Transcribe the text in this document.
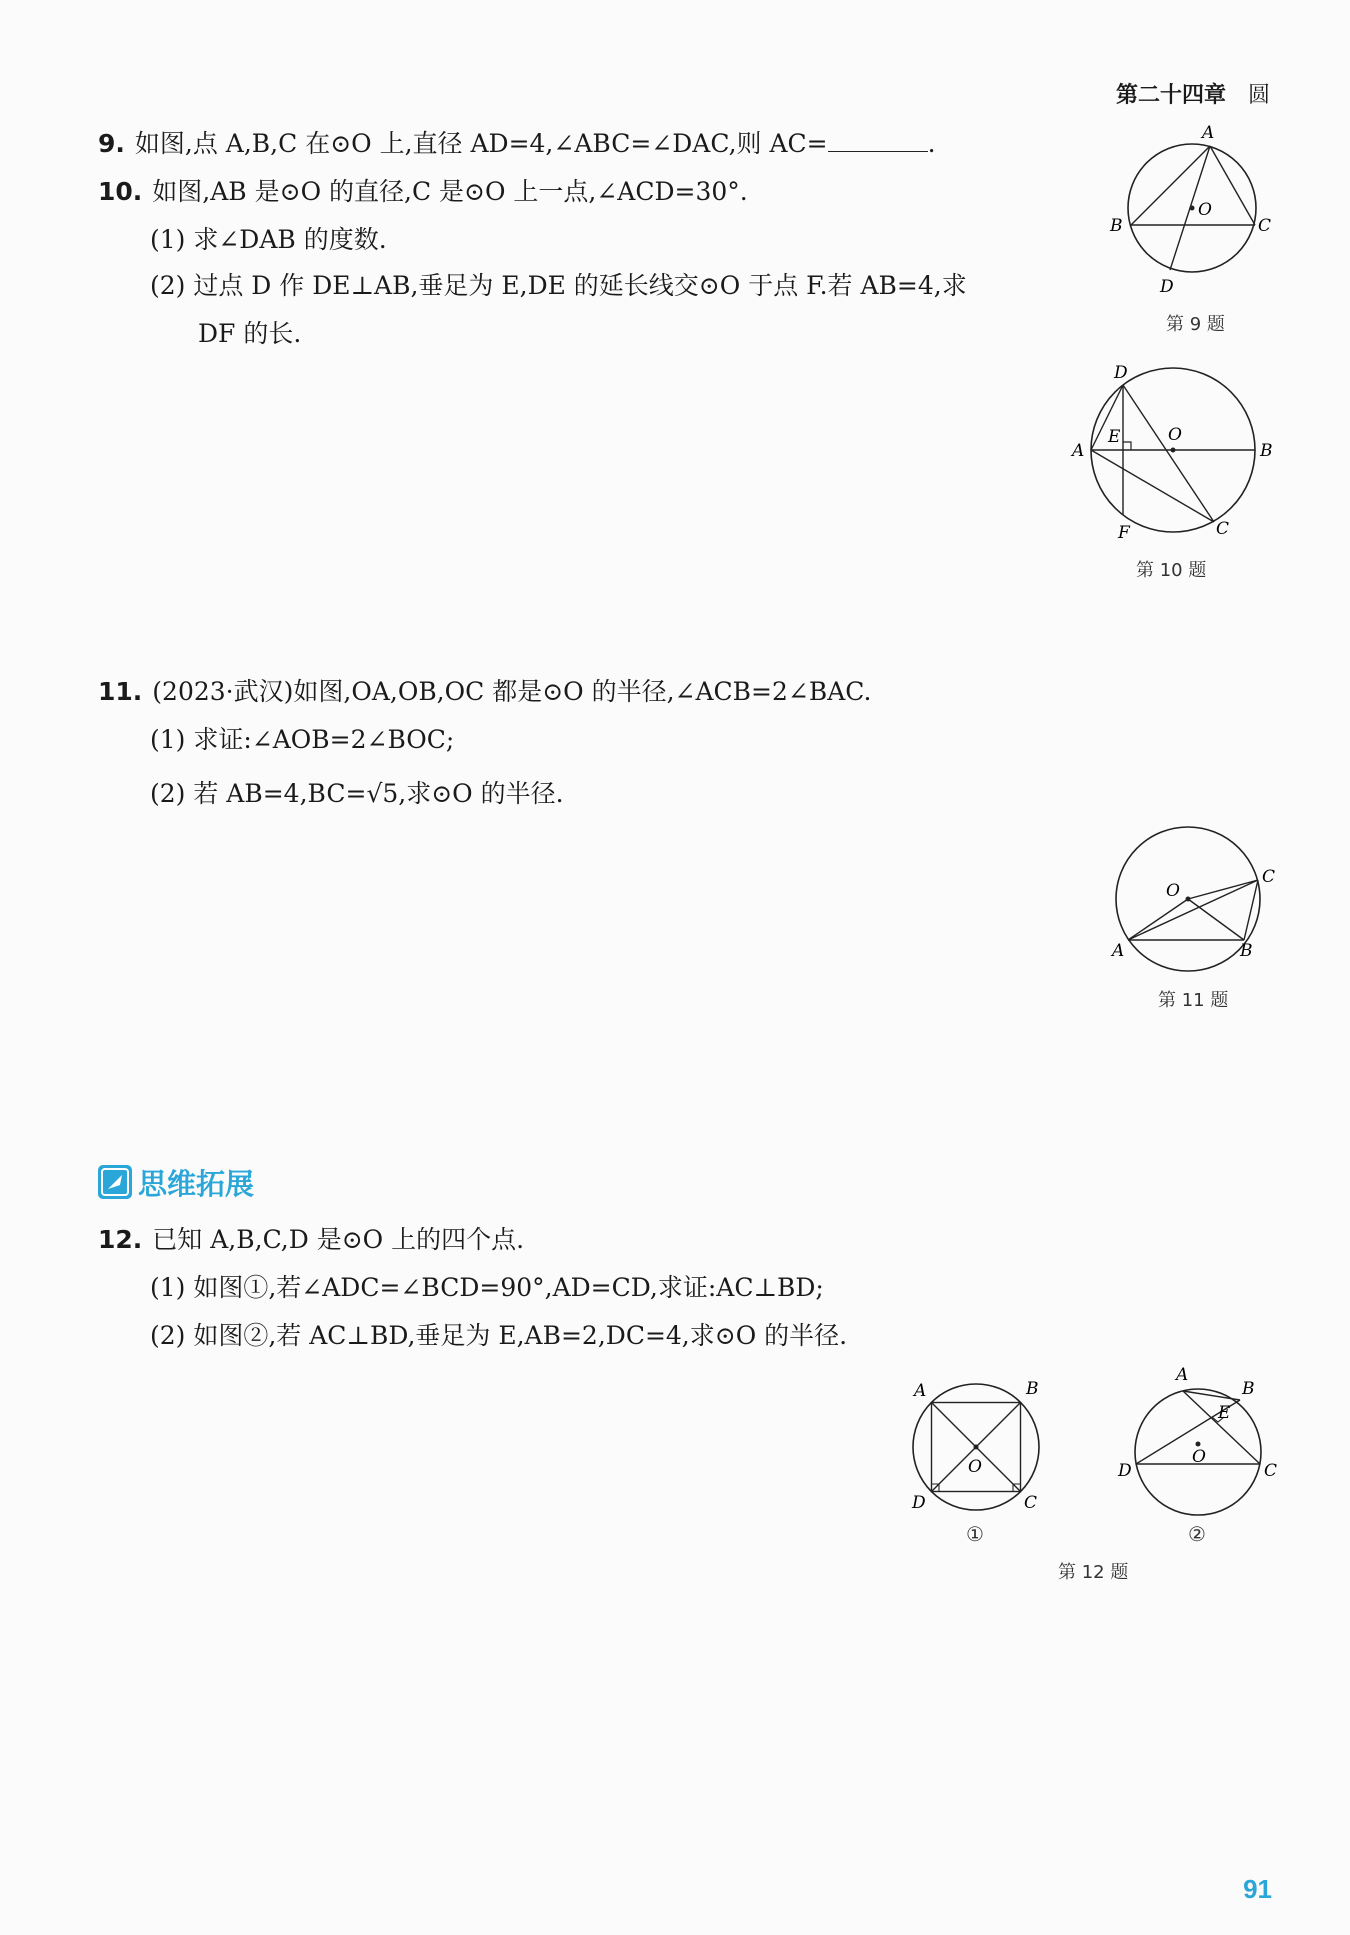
第二十四章 圆
9. 如图,点 A,B,C 在⊙O 上,直径 AD=4,∠ABC=∠DAC,则 AC=	.	A
B	C
D
O
第 9 题
10. 如图,AB 是⊙O 的直径,C 是⊙O 上一点,∠ACD=30°.
(1) 求∠DAB 的度数.
(2) 过点 D 作 DE⊥AB,垂足为 E,DE 的延长线交⊙O 于点 F.若 AB=4,求
DF 的长.
D
A	B
E	O
F	C
第 10 题
11. (2023·武汉)如图,OA,OB,OC 都是⊙O 的半径,∠ACB=2∠BAC.
(1) 求证:∠AOB=2∠BOC;
(2) 若 AB=4,BC=√5,求⊙O 的半径.
O
C
A	B
第 11 题
思维拓展
12. 已知 A,B,C,D 是⊙O 上的四个点.
(1) 如图①,若∠ADC=∠BCD=90°,AD=CD,求证:AC⊥BD;
(2) 如图②,若 AC⊥BD,垂足为 E,AB=2,DC=4,求⊙O 的半径.
A	B
O
D	C
①
A
B
E
O
D	C
②
第 12 题
91
